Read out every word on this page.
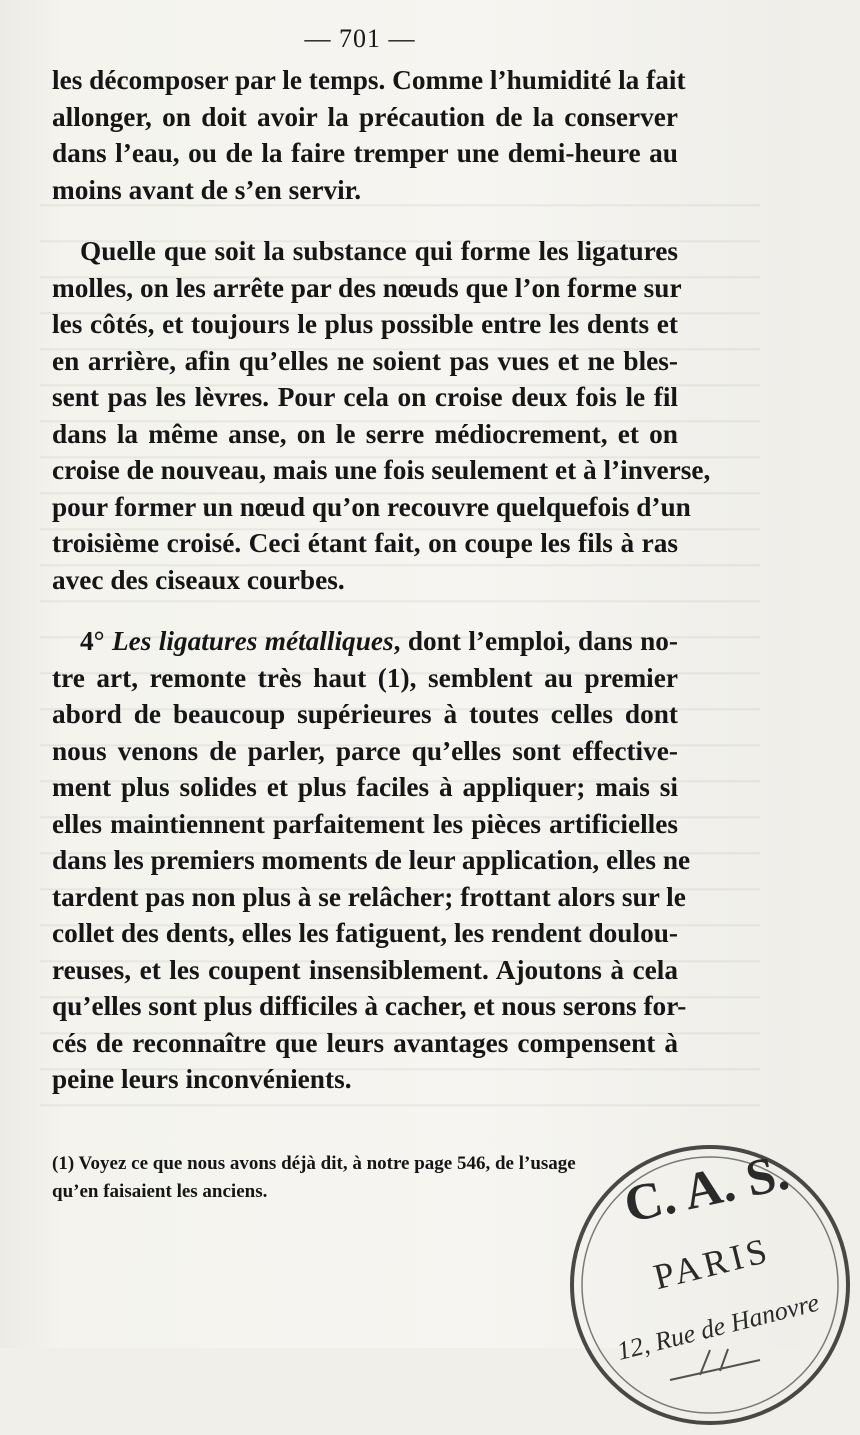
— 701 —

les décomposer par le temps. Comme l’humidité la fait
allonger, on doit avoir la précaution de la conserver
dans l’eau, ou de la faire tremper une demi-heure au
moins avant de s’en servir.

Quelle que soit la substance qui forme les ligatures
molles, on les arrête par des nœuds que l’on forme sur
les côtés, et toujours le plus possible entre les dents et
en arrière, afin qu’elles ne soient pas vues et ne bles-
sent pas les lèvres. Pour cela on croise deux fois le fil
dans la même anse, on le serre médiocrement, et on
croise de nouveau, mais une fois seulement et à l’inverse,
pour former un nœud qu’on recouvre quelquefois d’un
troisième croisé. Ceci étant fait, on coupe les fils à ras
avec des ciseaux courbes.

4° Les ligatures métalliques, dont l’emploi, dans no-
tre art, remonte très haut (1), semblent au premier
abord de beaucoup supérieures à toutes celles dont
nous venons de parler, parce qu’elles sont effective-
ment plus solides et plus faciles à appliquer; mais si
elles maintiennent parfaitement les pièces artificielles
dans les premiers moments de leur application, elles ne
tardent pas non plus à se relâcher; frottant alors sur le
collet des dents, elles les fatiguent, les rendent doulou-
reuses, et les coupent insensiblement. Ajoutons à cela
qu’elles sont plus difficiles à cacher, et nous serons for-
cés de reconnaître que leurs avantages compensent à
peine leurs inconvénients.

(1) Voyez ce que nous avons déjà dit, à notre page 546, de l’usage
qu’en faisaient les anciens.	C. A. S.
PARIS
12, Rue de Hanovre
